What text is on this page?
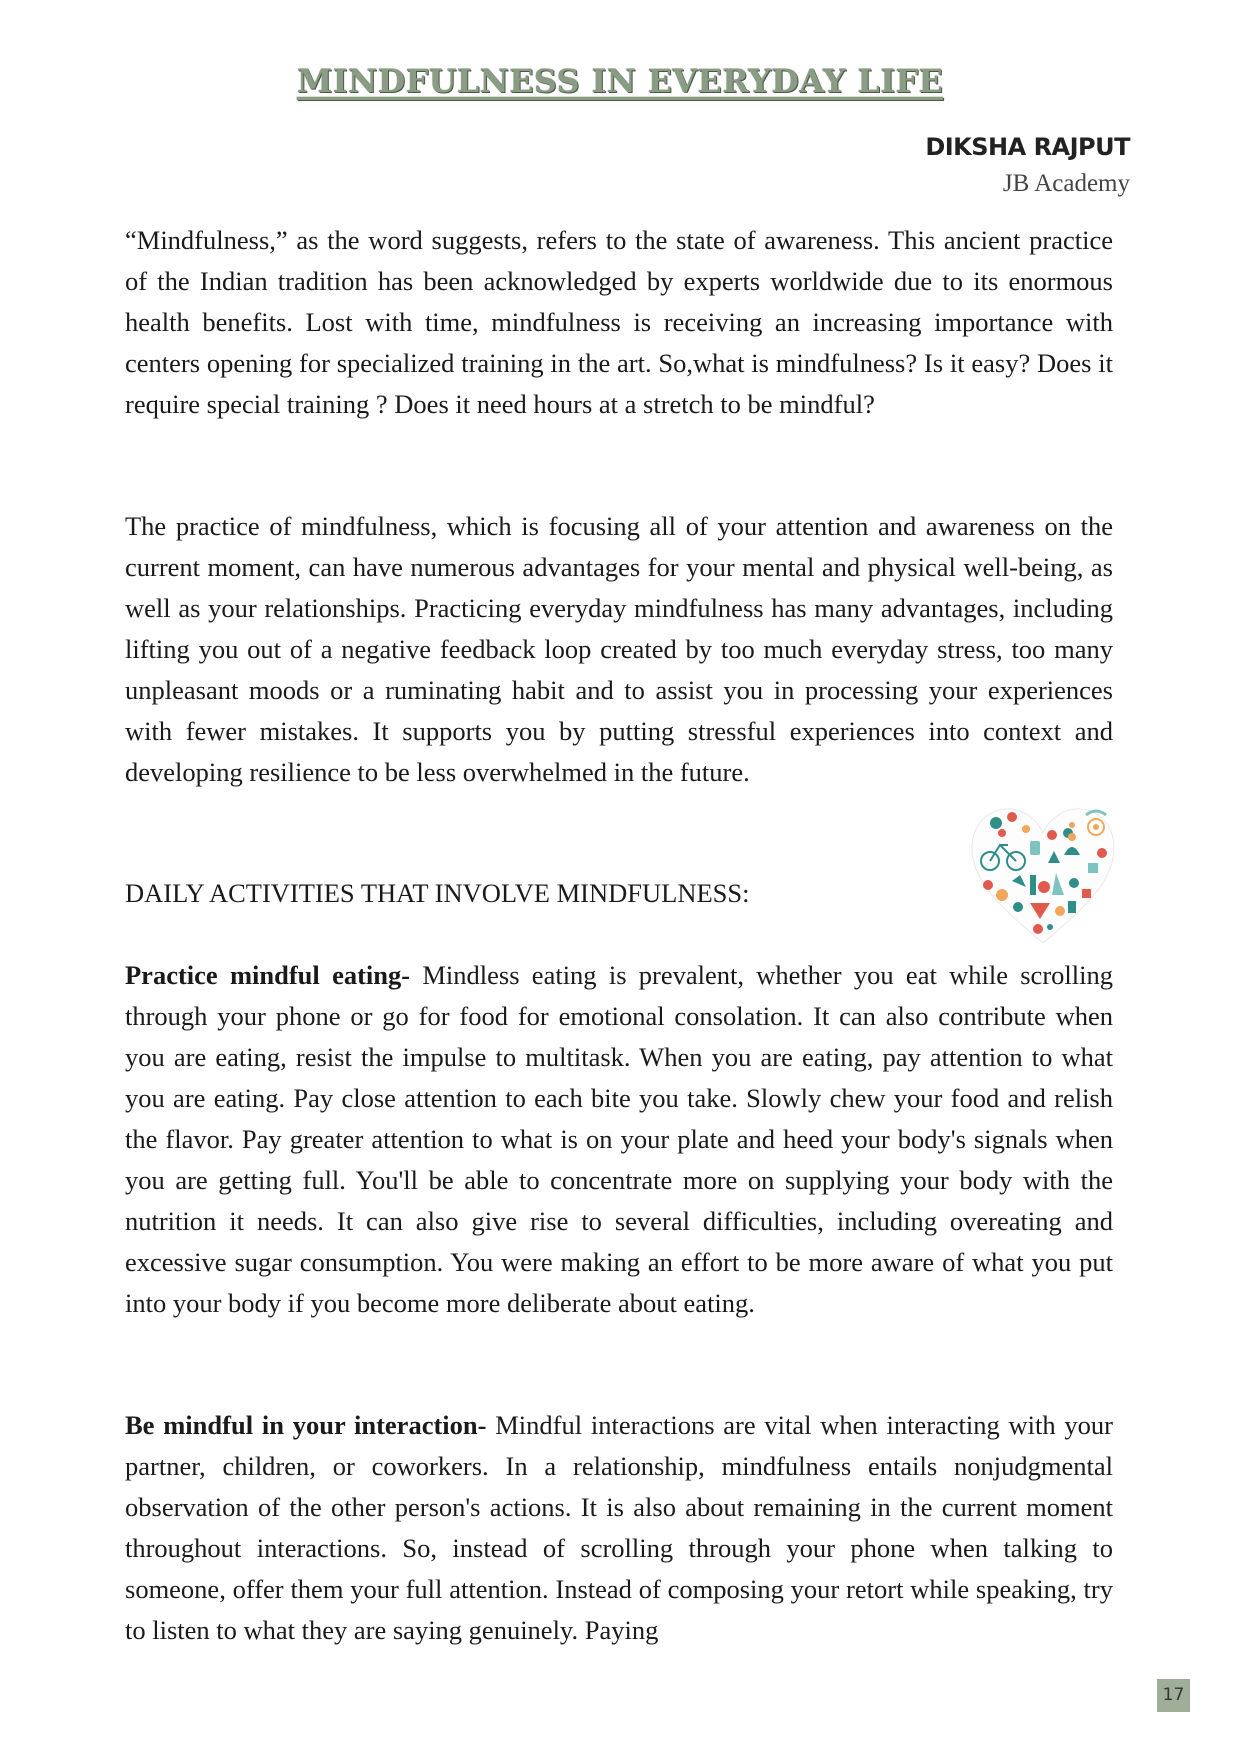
MINDFULNESS IN EVERYDAY LIFE
DIKSHA RAJPUT
JB Academy

“Mindfulness,” as the word suggests, refers to the state of awareness. This ancient practice of the Indian tradition has been acknowledged by experts worldwide due to its enormous health benefits. Lost with time, mindfulness is receiving an increasing importance with centers opening for specialized training in the art. So,what is mindfulness? Is it easy? Does it require special training ? Does it need hours at a stretch to be mindful?

The practice of mindfulness, which is focusing all of your attention and awareness on the current moment, can have numerous advantages for your mental and physical well-being, as well as your relationships. Practicing everyday mindfulness has many advantages, including lifting you out of a negative feedback loop created by too much everyday stress, too many unpleasant moods or a ruminating habit and to assist you in processing your experiences with fewer mistakes. It supports you by putting stressful experiences into context and developing resilience to be less overwhelmed in the future.

DAILY ACTIVITIES THAT INVOLVE MINDFULNESS:

Practice mindful eating- Mindless eating is prevalent, whether you eat while scrolling through your phone or go for food for emotional consolation. It can also contribute when you are eating, resist the impulse to multitask. When you are eating, pay attention to what you are eating. Pay close attention to each bite you take. Slowly chew your food and relish the flavor. Pay greater attention to what is on your plate and heed your body's signals when you are getting full. You'll be able to concentrate more on supplying your body with the nutrition it needs. It can also give rise to several difficulties, including overeating and excessive sugar consumption. You were making an effort to be more aware of what you put into your body if you become more deliberate about eating.

Be mindful in your interaction- Mindful interactions are vital when interacting with your partner, children, or coworkers. In a relationship, mindfulness entails nonjudgmental observation of the other person's actions. It is also about remaining in the current moment throughout interactions. So, instead of scrolling through your phone when talking to someone, offer them your full attention. Instead of composing your retort while speaking, try to listen to what they are saying genuinely. Paying

17
